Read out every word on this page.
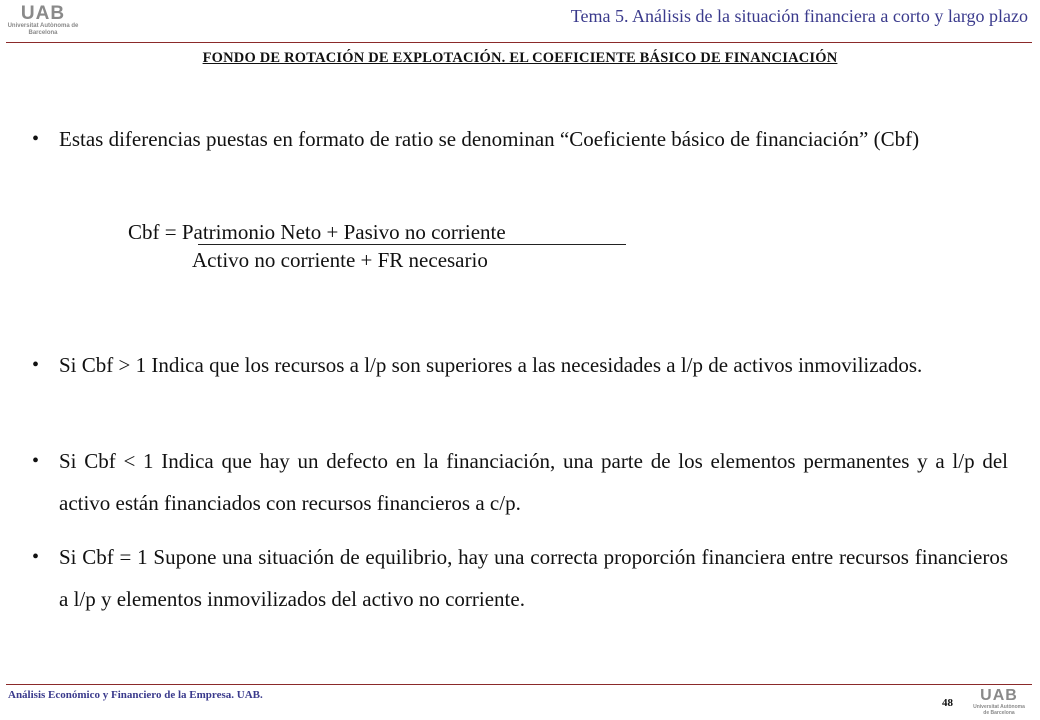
UAB
Universitat Autònoma de Barcelona
Tema 5. Análisis de la situación financiera a corto y largo plazo
FONDO DE ROTACIÓN DE EXPLOTACIÓN. EL COEFICIENTE BÁSICO DE FINANCIACIÓN
• Estas diferencias puestas en formato de ratio se denominan “Coeficiente básico de financiación” (Cbf)
Cbf = Patrimonio Neto + Pasivo no corriente
Activo no corriente + FR necesario
• Si Cbf > 1 Indica que los recursos a l/p son superiores a las necesidades a l/p de activos inmovilizados.
• Si Cbf < 1 Indica que hay un defecto en la financiación, una parte de los elementos permanentes y a l/p del activo están financiados con recursos financieros a c/p.
• Si Cbf = 1 Supone una situación de equilibrio, hay una correcta proporción financiera entre recursos financieros a l/p y elementos inmovilizados del activo no corriente.
Análisis Económico y Financiero de la Empresa. UAB.
48	UAB
Universitat Autònoma de Barcelona
